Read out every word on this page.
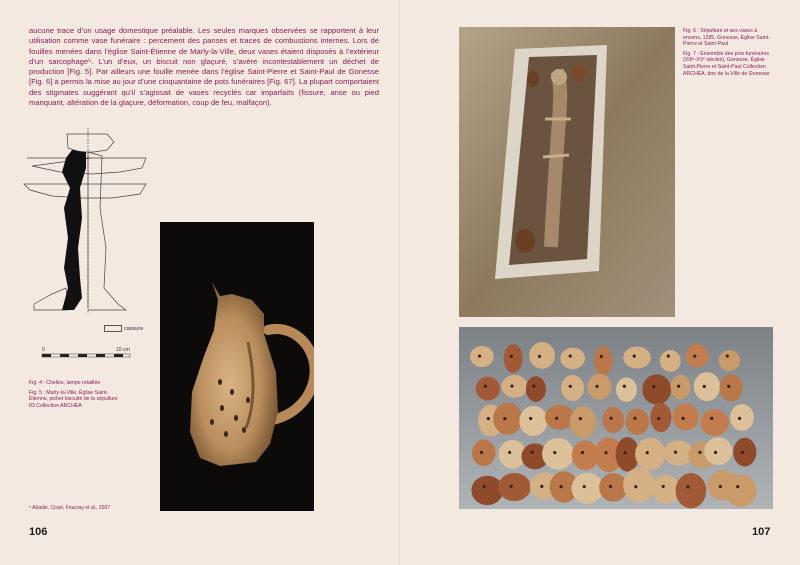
aucune trace d’un usage domestique préalable. Les seules marques observées se rapportent à leur utilisation comme vase funéraire : percement des panses et traces de combustions internes. Lors de fouilles menées dans l’église Saint-Étienne de Marly-la-Ville, deux vases étaient disposés à l’extérieur d’un sarcophage⁵. L’un d’eux, un biscuit non glaçuré, s’avère incontestablement un déchet de production [Fig. 5]. Par ailleurs une fouille menée dans l’église Saint-Pierre et Saint-Paul de Gonesse [Fig. 6] a permis la mise au jour d’une cinquantaine de pots funéraires [Fig. 67]. La plupart comportaient des stigmates suggérant qu’il s’agissait de vases recyclés car imparfaits (fissure, anse ou pied manquant, altération de la glaçure, déformation, coup de feu, malfaçon).

cassure
0	10 cm

Fig. 4 : Chelles, lampe retaillée

Fig. 5 : Marly-la-Ville, Église Saint-Étienne, pichet biscuité de la sépulture 83 Collection ARCHÉA

⁵ Abadie, Cissé, Foucray et al., 2007
106

Fig. 6 : Sépulture et ses vases à encens, 1285. Gonesse, Église Saint-Pierre et Saint-Paul

Fig. 7 : Ensemble des pots funéraires (XIIIᵉ-XVᵉ siècles), Gonesse, Église Saint-Pierre et Saint-Paul Collection ARCHÉA, don de la Ville de Gonesse

107
